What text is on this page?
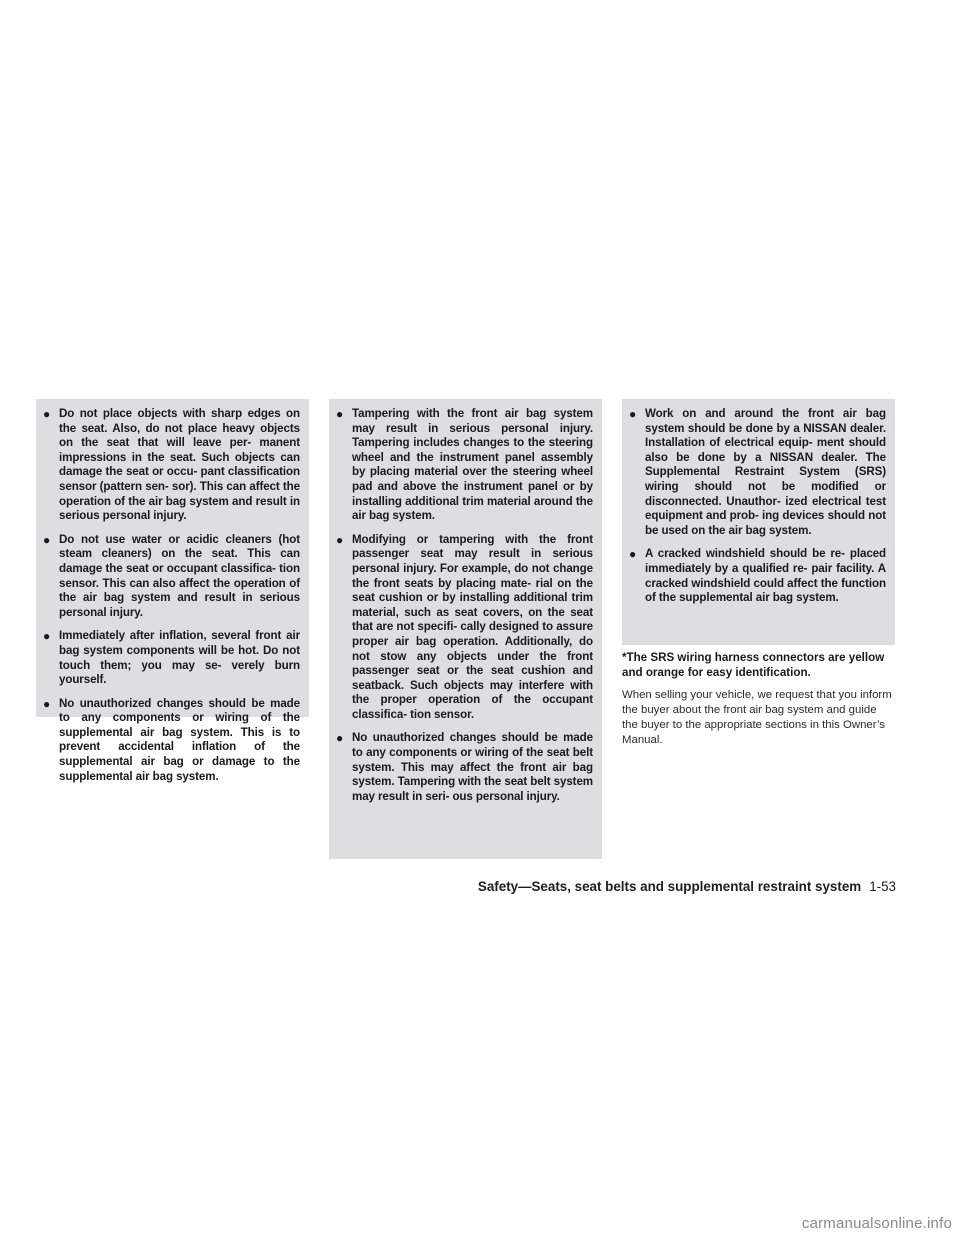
● Do not place objects with sharp edges on the seat. Also, do not place heavy objects on the seat that will leave per- manent impressions in the seat. Such objects can damage the seat or occu- pant classification sensor (pattern sen- sor). This can affect the operation of the air bag system and result in serious personal injury.
● Do not use water or acidic cleaners (hot steam cleaners) on the seat. This can damage the seat or occupant classifica- tion sensor. This can also affect the operation of the air bag system and result in serious personal injury.
● Immediately after inflation, several front air bag system components will be hot. Do not touch them; you may se- verely burn yourself.
● No unauthorized changes should be made to any components or wiring of the supplemental air bag system. This is to prevent accidental inflation of the supplemental air bag or damage to the supplemental air bag system.
● Tampering with the front air bag system may result in serious personal injury. Tampering includes changes to the steering wheel and the instrument panel assembly by placing material over the steering wheel pad and above the instrument panel or by installing additional trim material around the air bag system.
● Modifying or tampering with the front passenger seat may result in serious personal injury. For example, do not change the front seats by placing mate- rial on the seat cushion or by installing additional trim material, such as seat covers, on the seat that are not specifi- cally designed to assure proper air bag operation. Additionally, do not stow any objects under the front passenger seat or the seat cushion and seatback. Such objects may interfere with the proper operation of the occupant classifica- tion sensor.
● No unauthorized changes should be made to any components or wiring of the seat belt system. This may affect the front air bag system. Tampering with the seat belt system may result in seri- ous personal injury.
● Work on and around the front air bag system should be done by a NISSAN dealer. Installation of electrical equip- ment should also be done by a NISSAN dealer. The Supplemental Restraint System (SRS) wiring should not be modified or disconnected. Unauthor- ized electrical test equipment and prob- ing devices should not be used on the air bag system.
● A cracked windshield should be re- placed immediately by a qualified re- pair facility. A cracked windshield could affect the function of the supplemental air bag system.

*The SRS wiring harness connectors are yellow and orange for easy identification.

When selling your vehicle, we request that you inform the buyer about the front air bag system and guide the buyer to the appropriate sections in this Owner’s Manual.

Safety—Seats, seat belts and supplemental restraint system 1-53
carmanualsonline.info
